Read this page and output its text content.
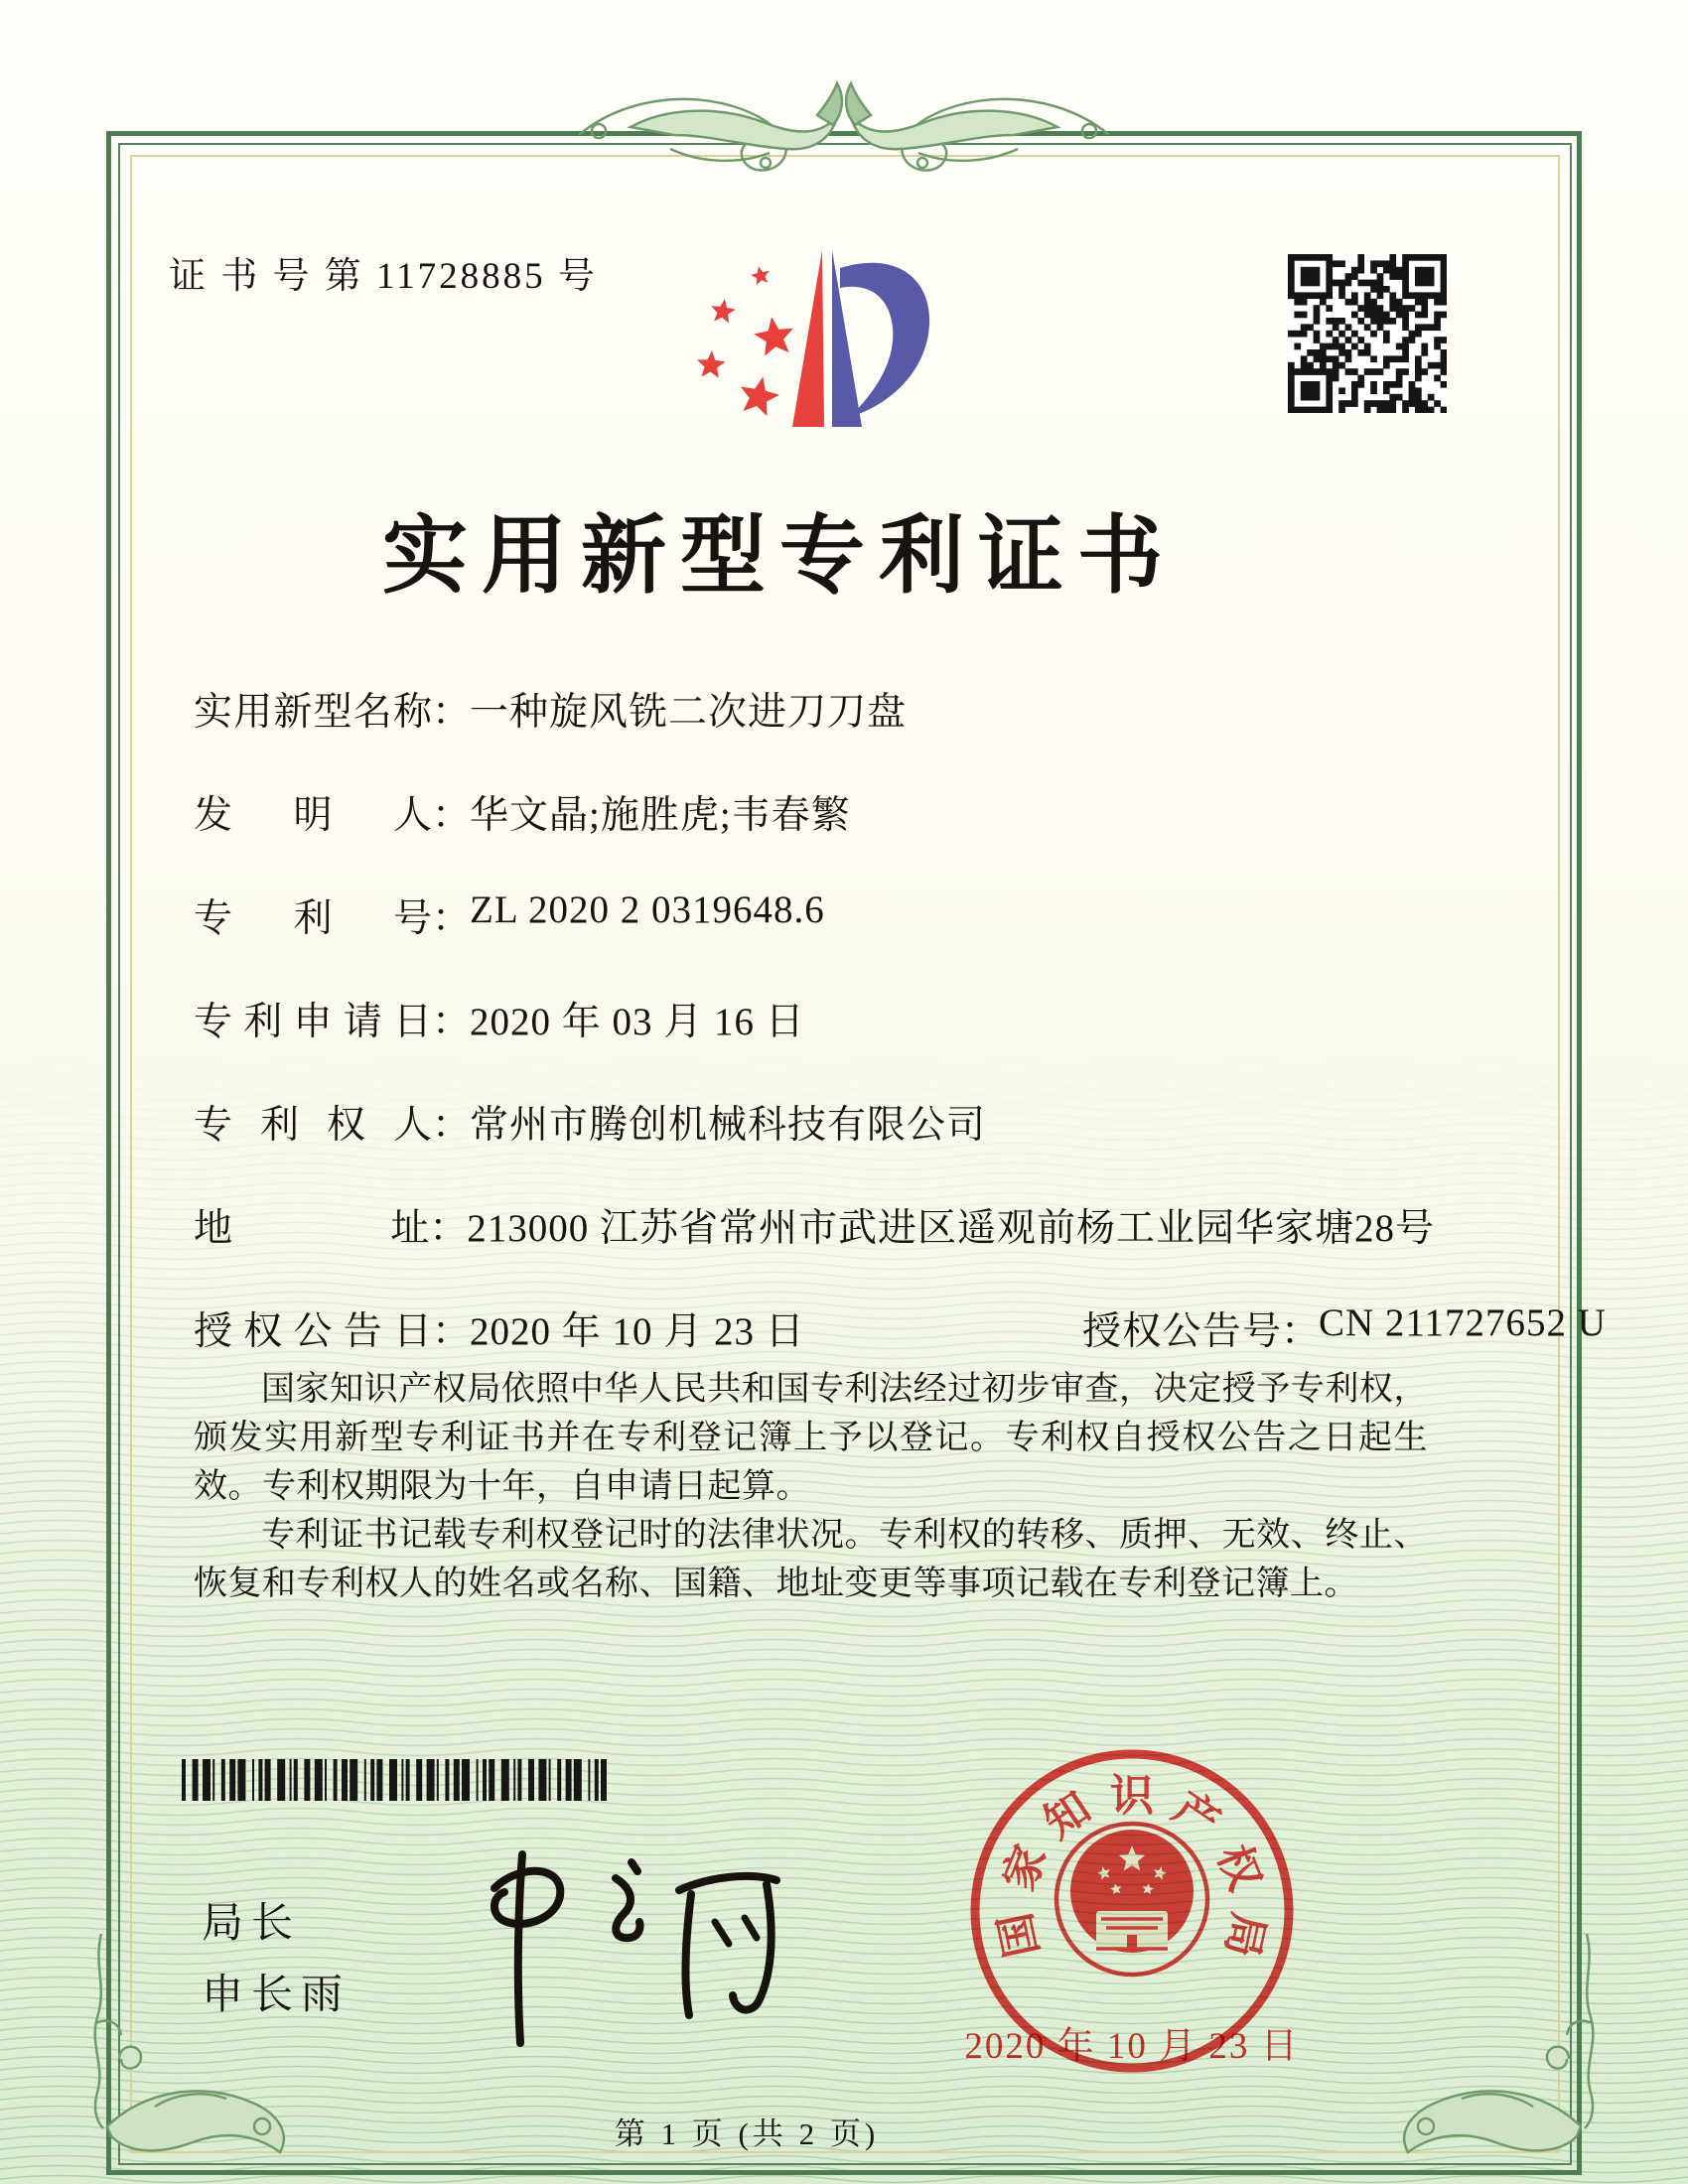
证 书 号 第 11728885 号
实用新型专利证书
实用新型名称 ：
一种旋风铣二次进刀刀盘
发明人 ：
华文晶;施胜虎;韦春繁
专利号 ：
ZL 2020 2 0319648.6
专利申请日 ：
2020 年 03 月 16 日
专利权人 ：
常州市腾创机械科技有限公司
地址 ：
213000 江苏省常州市武进区遥观前杨工业园华家塘28号
授权公告日 ：
2020 年 10 月 23 日	授权公告号 ：
CN 211727652 U

国家知识产权局依照中华人民共和国专利法经过初步审查，决定授予专利权，颁发实用新型专利证书并在专利登记簿上予以登记。专利权自授权公告之日起生效。专利权期限为十年，自申请日起算。

专利证书记载专利权登记时的法律状况。专利权的转移、质押、无效、终止、恢复和专利权人的姓名或名称、国籍、地址变更等事项记载在专利登记簿上。

局长
申长雨
国
家
知 识 产
权
局
2020 年 10 月 23 日
第 1 页 (共 2 页)
